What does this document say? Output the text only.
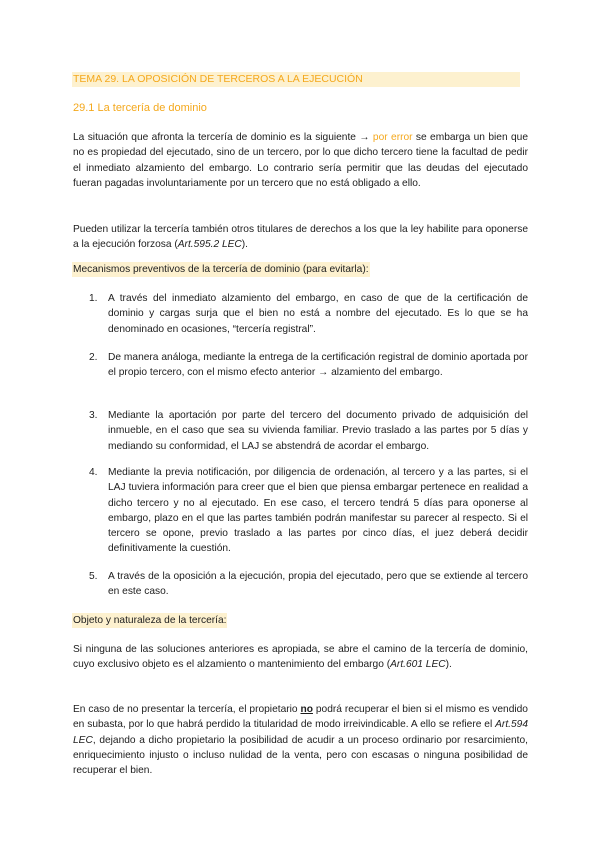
TEMA 29. LA OPOSICIÓN DE TERCEROS A LA EJECUCIÓN
29.1 La tercería de dominio
La situación que afronta la tercería de dominio es la siguiente → por error se embarga un bien que no es propiedad del ejecutado, sino de un tercero, por lo que dicho tercero tiene la facultad de pedir el inmediato alzamiento del embargo. Lo contrario sería permitir que las deudas del ejecutado fueran pagadas involuntariamente por un tercero que no está obligado a ello.
Pueden utilizar la tercería también otros titulares de derechos a los que la ley habilite para oponerse a la ejecución forzosa (Art.595.2 LEC).
Mecanismos preventivos de la tercería de dominio (para evitarla):
1.	A través del inmediato alzamiento del embargo, en caso de que de la certificación de dominio y cargas surja que el bien no está a nombre del ejecutado. Es lo que se ha denominado en ocasiones, “tercería registral”.
2.	De manera análoga, mediante la entrega de la certificación registral de dominio aportada por el propio tercero, con el mismo efecto anterior → alzamiento del embargo.
3.	Mediante la aportación por parte del tercero del documento privado de adquisición del inmueble, en el caso que sea su vivienda familiar. Previo traslado a las partes por 5 días y mediando su conformidad, el LAJ se abstendrá de acordar el embargo.
4.	Mediante la previa notificación, por diligencia de ordenación, al tercero y a las partes, si el LAJ tuviera información para creer que el bien que piensa embargar pertenece en realidad a dicho tercero y no al ejecutado. En ese caso, el tercero tendrá 5 días para oponerse al embargo, plazo en el que las partes también podrán manifestar su parecer al respecto. Si el tercero se opone, previo traslado a las partes por cinco días, el juez deberá decidir definitivamente la cuestión.
5.	A través de la oposición a la ejecución, propia del ejecutado, pero que se extiende al tercero en este caso.
Objeto y naturaleza de la tercería:
Si ninguna de las soluciones anteriores es apropiada, se abre el camino de la tercería de dominio, cuyo exclusivo objeto es el alzamiento o mantenimiento del embargo (Art.601 LEC).
En caso de no presentar la tercería, el propietario no podrá recuperar el bien si el mismo es vendido en subasta, por lo que habrá perdido la titularidad de modo irreivindicable. A ello se refiere el Art.594 LEC, dejando a dicho propietario la posibilidad de acudir a un proceso ordinario por resarcimiento, enriquecimiento injusto o incluso nulidad de la venta, pero con escasas o ninguna posibilidad de recuperar el bien.
